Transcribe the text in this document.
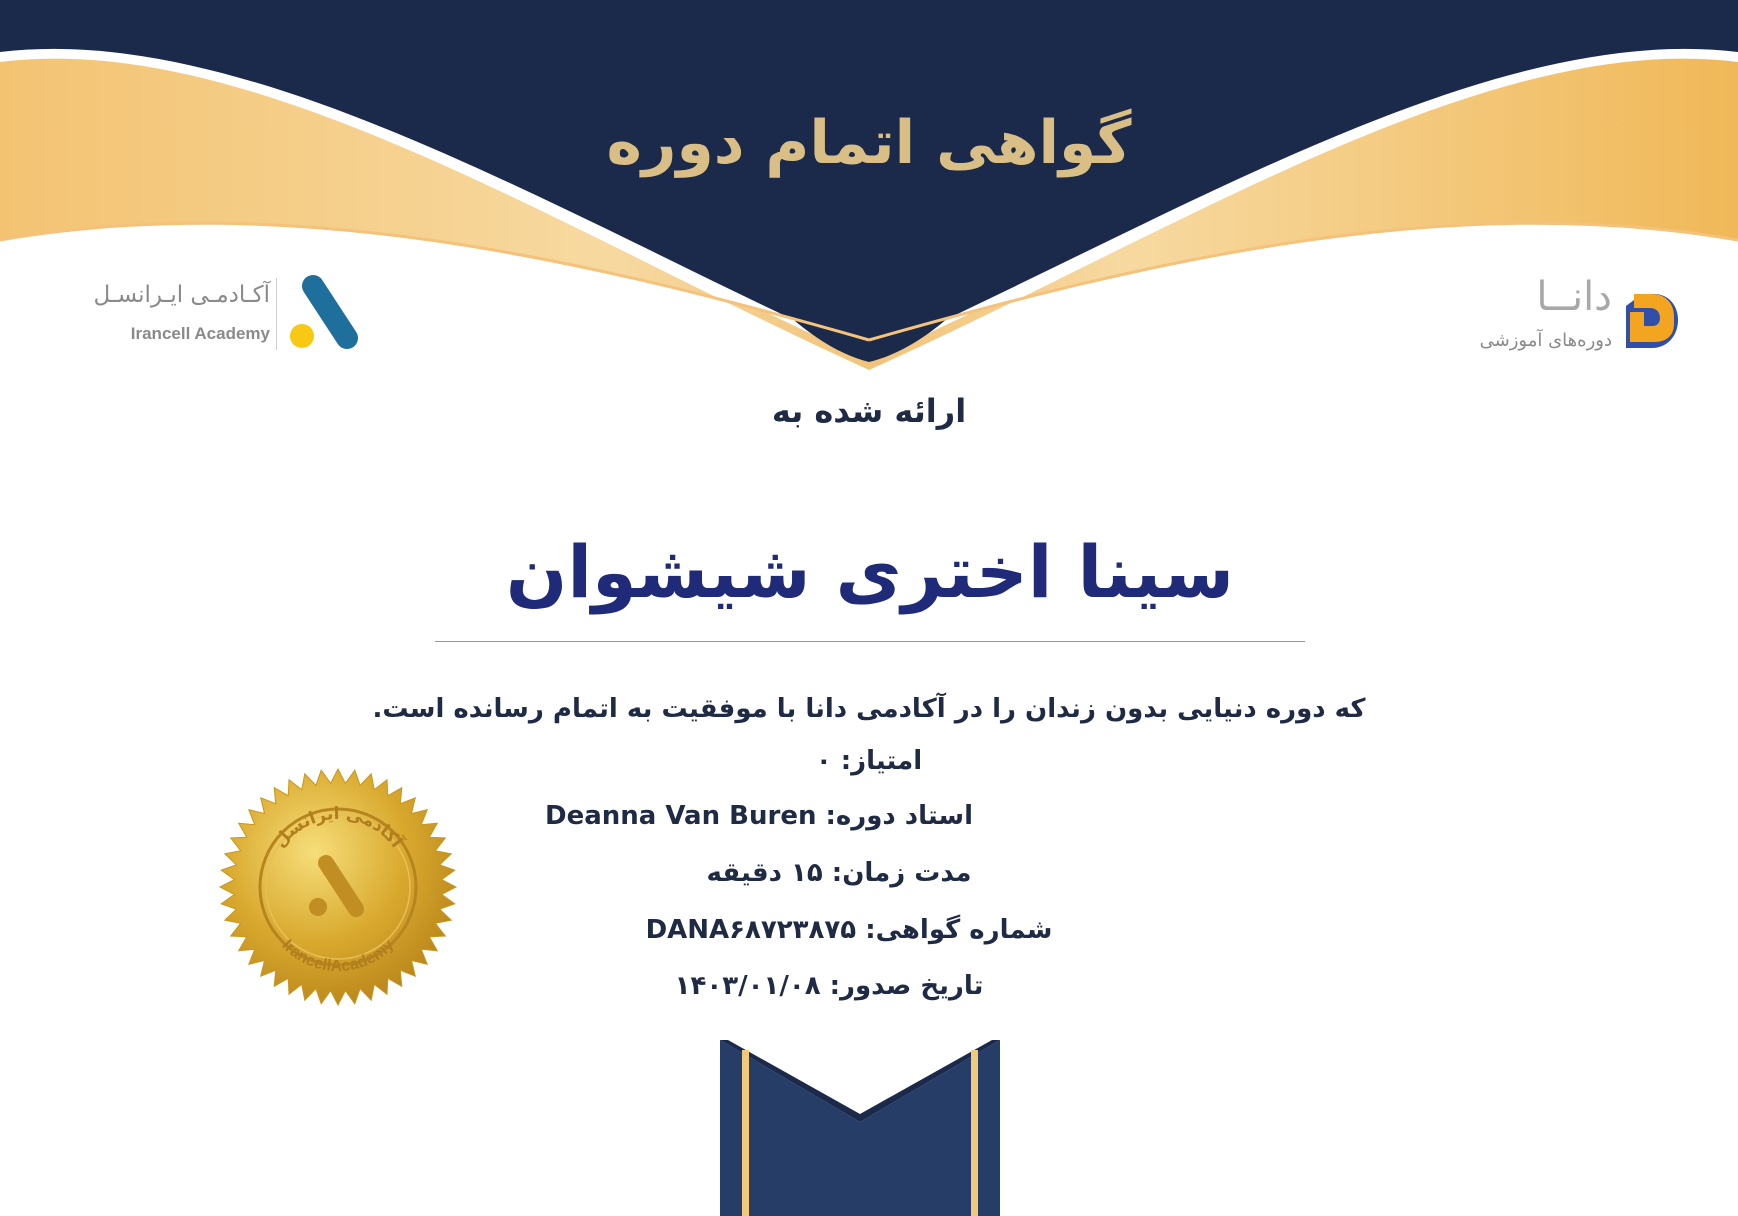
گواهی اتمام دوره
آکـادمـی ایـرانسـل
Irancell Academy
دانــا
دوره‌های آموزشی
ارائه شده به
سینا اختری شیشوان
که دوره دنیایی بدون زندان را در آکادمی دانا با موفقیت به اتمام رسانده است.
امتیاز: ۰
استاد دوره: Deanna Van Buren
مدت زمان: ۱۵ دقیقه
شماره گواهی: DANA۶۸۷۲۳۸۷۵
تاریخ صدور: ۱۴۰۳/۰۱/۰۸
آکادمی ایرانسل
IrancellAcademy
